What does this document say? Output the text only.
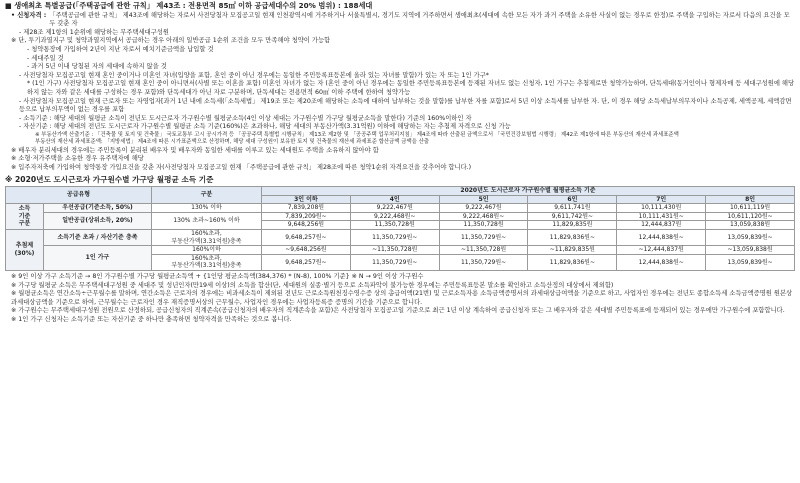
■ 생애최초 특별공급(「주택공급에 관한 규칙」 제43조 : 전용면적 85㎡ 이하 공급세대수의 20% 범위) : 188세대
• 신청자격 : 「주택공급에 관한 규칙」 제43조에 해당하는 자로서 사전당첨자 모집공고일 현재 인천광역시에 거주하거나 서울특별시, 경기도 지역에 거주하면서 생애최초(세대에 속한 모든 자가 과거 주택을 소유한 사실이 없는 경우로 한정)로 주택을 구입하는 자로서 다음의 요건을 모두 갖춘 자
- 제28조 제1항의 1순위에 해당하는 무주택세대구성원
※ 단, 투기과열지구 및 청약과열지역에서 공급하는 경우 아래의 일반공급 1순위 조건을 모두 만족해야 청약이 가능함
- 청약통장에 가입하여 2년이 지난 자로서 예치기준금액을 납입할 것
- 세대주일 것
- 과거 5년 이내 당첨된 자의 세대에 속하지 않을 것
- 사전당첨자 모집공고일 현재 혼인 중이거나 미혼인 자녀(입양을 포함, 혼인 중이 아닌 경우에는 동일한 주민등록표등본에 올라 있는 자녀를 말함)가 있는 자 또는 1인 가구*
* (1인 가구) 사전당첨자 모집공고일 현재 혼인 중이 아니면서(사별 또는 이혼을 포함) 미혼인 자녀가 없는 자 (혼인 중이 아닌 경우에는 동일한 주민등록표등본에 등재된 자녀도 없는 신청자, 1인 가구는 추첨제로만 청약가능하며, 단독세대(동거인이나 형제자매 등 세대구성원에 해당하지 않는 자와 같은 세대를 구성하는 경우 포함)와 단독세대가 아닌 자로 구분하며, 단독세대는 전용면적 60㎡ 이하 주택에 한하여 청약가능
- 사전당첨자 모집공고일 현재 근로자 또는 자영업자[과거 1년 내에 소득세(「소득세법」 제19조 또는 제20조에 해당하는 소득에 대하여 납부하는 것을 말함)를 납부한 자를 포함]로서 5년 이상 소득세를 납부한 자. 단, 이 경우 해당 소득세납부의무자이나 소득공제, 세액공제, 세액감면 등으로 납부의무액이 없는 경우를 포함
- 소득기준 : 해당 세대의 월평균 소득이 전년도 도시근로자 가구원수별 월평균소득(4인 이상 세대는 가구원수별 가구당 월평균소득을 말한다) 기준의 160%이하인 자
- 자산기준 : 해당 세대의 전년도 도시근로자 가구원수별 월평균 소득 기준(160%)은 초과하나, 해당 세대의 부동산가액(3.31억원) 이하에 해당하는 자는 추첨제 자격으로 신청 가능
※ 부동산가액 산출기준 : 「건축물 및 토지 및 건축물」 국토교통부 고시 공시가격 등 「공공주택 특별법 시행규칙」 제13조 제2항 및 「공공주택 업무처리지침」 제4조에 따라 산출된 금액으로서 「국민건강보험법 시행령」 제42조 제1항에 따른 부동산의 재산세 과세표준액
부동산의 재산세 과세표준액: 「지방세법」 제4조에 따른 시가표준액으로 산정하며, 해당 세대 구성원이 보유한 토지 및 건축물의 재산세 과세표준 합산금액 금액을 산출
※ 배우자 분리세대의 경우에는 주민등록이 분리된 배우자 및 배우자와 동일한 세대를 이루고 있는 세대원도 주택을 소유하지 않아야 함
※ 소형·저가주택을 소유한 경우 유주택자에 해당
※ 입주자저축에 가입하여 청약통장 가입요건을 갖춘 자(사전당첨자 모집공고일 현재 「주택공급에 관한 규칙」 제28조에 따른 청약1순위 자격요건을 갖추어야 합니다.)
※ 2020년도 도시근로자 가구원수별 가구당 월평균 소득 기준
공급유형		구분	2020년도 도시근로자 가구원수별 월평균소득 기준					
			3인 이하	4인	5인	6인	7인	8인
소득
기준
구분	우선공급(기준소득, 50%)	130% 이하	7,839,208원	9,222,467원	9,222,467원	9,611,741원	10,111,430원	10,611,119원
	일반공급(상위소득, 20%)	130% 초과~160% 이하	7,839,209원~	9,222,468원~	9,222,468원~	9,611,742원~	10,111,431원~	10,611,120원~
			9,648,256원	11,350,728원	11,350,728원	11,829,835원	12,444,837원	13,059,838원
추첨제
(30%)	소득기준 초과 / 자산기준 충족	160%초과,
부동산가액(3.31억원)충족	9,648,257원~	11,350,729원~	11,350,729원~	11,829,836원~	12,444,838원~	13,059,839원~
	1인 가구	160%이하	~9,648,256원	~11,350,728원	~11,350,728원	~11,829,835원	~12,444,837원	~13,059,838원
		160%초과,
부동산가액(3.31억원)충족	9,648,257원~	11,350,729원~	11,350,729원~	11,829,836원~	12,444,838원~	13,059,839원~
※ 9인 이상 가구 소득기준 → 8인 가구원수별 가구당 월평균소득액 + {1인당 평균소득액(384,376) * (N-8), 100% 기준} ※ N → 9인 이상 가구원수
※ 가구당 월평균 소득은 무주택세대구성원 중 세대주 및 성년인자(만19세 이상)의 소득을 합산(단, 세대원의 실종·별거 등으로 소득파악이 불가능한 경우에는 주민등록표등본 말소를 확인하고 소득산정의 대상에서 제외함)
※ 월평균소득은 연간소득÷근무월수를 말하며, 연간소득은 근로자의 경우에는 비과세소득이 제외된 전년도 근로소득원천징수영수증 상의 총급여액(21번) 및 근로소득자용 소득금액증명서의 과세대상급여액을 기준으로 하고, 사업자인 경우에는 전년도 종합소득세 소득금액증명원 원본상 과세대상금액을 기준으로 하여, 근무월수는 근로자인 경우 재직증명서상의 근무월수, 사업자인 경우에는 사업자등록증 증명의 기간을 기준으로 합니다.
※ 가구원수는 무주택세대구성원 전원으로 산정하되, 공급신청자의 직계존속(공급신청자의 배우자의 직계존속을 포함)은 사전당첨자 모집공고일 기준으로 최근 1년 이상 계속하여 공급신청자 또는 그 배우자와 같은 세대별 주민등록표에 등재되어 있는 경우에만 가구원수에 포함합니다.
※ 1인 가구 신청자는 소득기준 또는 자산기준 중 하나만 충족하면 청약자격을 만족하는 것으로 봅니다.
